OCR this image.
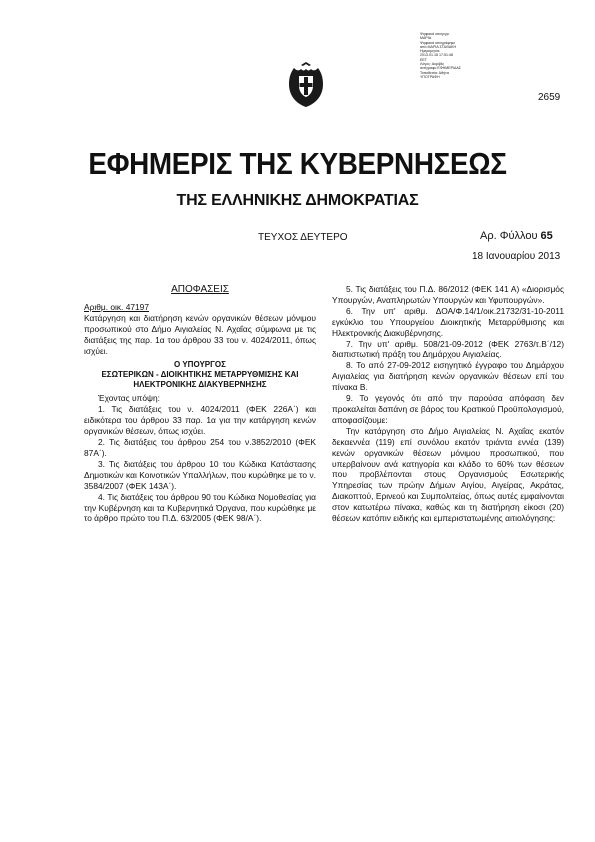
Ψηφιακά υπογεγρ.
ΜΑΡΙΑ
Ψηφιακά υπογράφηκε
από ΜΑΡΙΑ ΣΤΑΘΑΚΗ
Ημερομηνία:
2013.01.18 17:51:48
EET
Λόγος: Ακριβές
αντίγραφο ΕΦΗΜΕΡΙΔΑΣ
Τοποθεσία: Αθήνα
ΥΠΟΓΡΑΦΗ
2659
ΕΦΗΜΕΡΙΣ ΤΗΣ ΚΥΒΕΡΝΗΣΕΩΣ
ΤΗΣ ΕΛΛΗΝΙΚΗΣ ΔΗΜΟΚΡΑΤΙΑΣ
ΤΕΥΧΟΣ ΔΕΥΤΕΡΟ	Αρ. Φύλλου 65
18 Ιανουαρίου 2013
ΑΠΟΦΑΣΕΙΣ

Αριθμ. οικ. 47197

Κατάργηση και διατήρηση κενών οργανικών θέσεων μόνιμου προσωπικού στο Δήμο Αιγιαλείας Ν. Αχαΐας σύμφωνα με τις διατάξεις της παρ. 1α του άρθρου 33 του ν. 4024/2011, όπως ισχύει.

Ο ΥΠΟΥΡΓΟΣ
ΕΣΩΤΕΡΙΚΩΝ - ΔΙΟΙΚΗΤΙΚΗΣ ΜΕΤΑΡΡΥΘΜΙΣΗΣ ΚΑΙ ΗΛΕΚΤΡΟΝΙΚΗΣ ΔΙΑΚΥΒΕΡΝΗΣΗΣ

Έχοντας υπόψη:

1. Τις διατάξεις του ν. 4024/2011 (ΦΕΚ 226Α΄) και ειδικότερα του άρθρου 33 παρ. 1α για την κατάργηση κενών οργανικών θέσεων, όπως ισχύει.

2. Τις διατάξεις του άρθρου 254 του ν.3852/2010 (ΦΕΚ 87Α΄).

3. Τις διατάξεις του άρθρου 10 του Κώδικα Κατάστασης Δημοτικών και Κοινοτικών Υπαλλήλων, που κυρώθηκε με το ν. 3584/2007 (ΦΕΚ 143Α΄).

4. Τις διατάξεις του άρθρου 90 του Κώδικα Νομοθεσίας για την Κυβέρνηση και τα Κυβερνητικά Όργανα, που κυρώθηκε με το άρθρο πρώτο του Π.Δ. 63/2005 (ΦΕΚ 98/Α΄).

5. Τις διατάξεις του Π.Δ. 86/2012 (ΦΕΚ 141 Α) «Διορισμός Υπουργών, Αναπληρωτών Υπουργών και Υφυπουργών».

6. Την υπ' αριθμ. ΔΟΑ/Φ.14/1/οικ.21732/31-10-2011 εγκύκλιο του Υπουργείου Διοικητικής Μεταρρύθμισης και Ηλεκτρονικής Διακυβέρνησης.

7. Την υπ' αριθμ. 508/21-09-2012 (ΦΕΚ 2763/τ.Β΄/12) διαπιστωτική πράξη του Δημάρχου Αιγιαλείας.

8. Το από 27-09-2012 εισηγητικό έγγραφο του Δημάρχου Αιγιαλείας για διατήρηση κενών οργανικών θέσεων επί του πίνακα Β.

9. Το γεγονός ότι από την παρούσα απόφαση δεν προκαλείται δαπάνη σε βάρος του Κρατικού Προϋπολογισμού, αποφασίζουμε:

Την κατάργηση στο Δήμο Αιγιαλείας Ν. Αχαΐας εκατόν δεκαεννέα (119) επί συνόλου εκατόν τριάντα εννέα (139) κενών οργανικών θέσεων μόνιμου προσωπικού, που υπερβαίνουν ανά κατηγορία και κλάδο το 60% των θέσεων που προβλέπονται στους Οργανισμούς Εσωτερικής Υπηρεσίας των πρώην Δήμων Αιγίου, Αιγείρας, Ακράτας, Διακοπτού, Ερινεού και Συμπολιτείας, όπως αυτές εμφαίνονται στον κατωτέρω πίνακα, καθώς και τη διατήρηση είκοσι (20) θέσεων κατόπιν ειδικής και εμπεριστατωμένης αιτιολόγησης:
